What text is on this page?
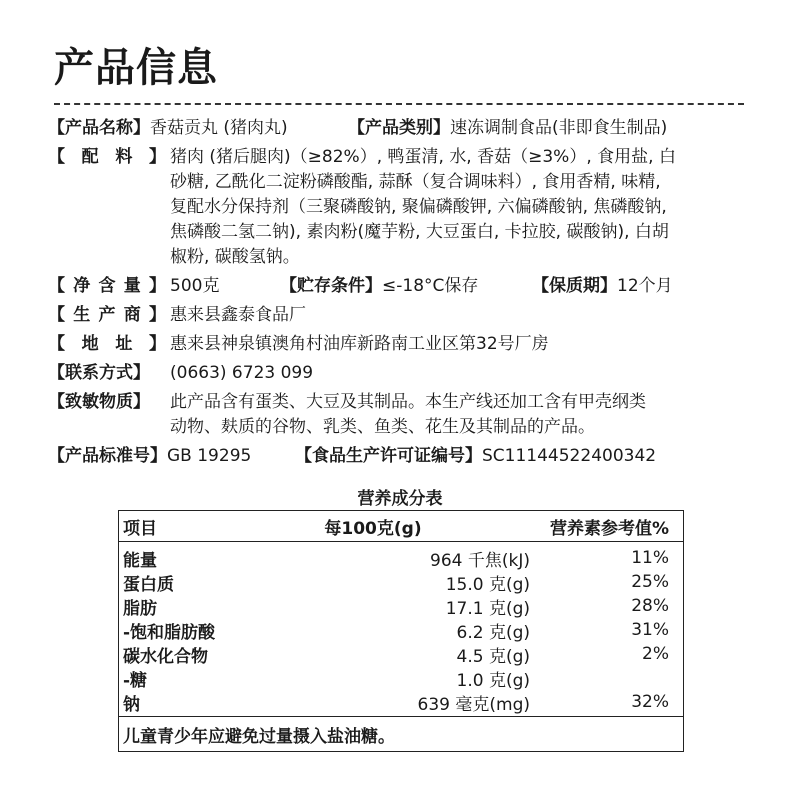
产品信息
【产品名称】 香菇贡丸 (猪肉丸)	【产品类别】 速冻调制食品(非即食生制品)
【 配 料 】 猪肉 (猪后腿肉)（≥82%）, 鸭蛋清, 水, 香菇（≥3%）, 食用盐, 白
砂糖, 乙酰化二淀粉磷酸酯, 蒜酥（复合调味料）, 食用香精, 味精,
复配水分保持剂（三聚磷酸钠, 聚偏磷酸钾, 六偏磷酸钠, 焦磷酸钠,
焦磷酸二氢二钠), 素肉粉(魔芋粉, 大豆蛋白, 卡拉胶, 碳酸钠), 白胡
椒粉, 碳酸氢钠。
【 净 含 量 】 500克	【贮存条件】 ≤-18°C保存	【保质期】 12个月
【 生 产 商 】 惠来县鑫泰食品厂
【 地 址 】 惠来县神泉镇澳角村油库新路南工业区第32号厂房
【联系方式】	(0663) 6723 099
【致敏物质】	此产品含有蛋类、大豆及其制品。本生产线还加工含有甲壳纲类
动物、麸质的谷物、乳类、鱼类、花生及其制品的产品。
【产品标准号】 GB 19295	【食品生产许可证编号】 SC11144522400342
营养成分表
项目	每100克(g)	营养素参考值%
能量	964 千焦(kJ)	11%
蛋白质	15.0 克(g)	25%
脂肪	17.1 克(g)	28%
-饱和脂肪酸	6.2 克(g)	31%
碳水化合物	4.5 克(g)	2%
-糖	1.0 克(g)
钠	639 毫克(mg)	32%
儿童青少年应避免过量摄入盐油糖。
